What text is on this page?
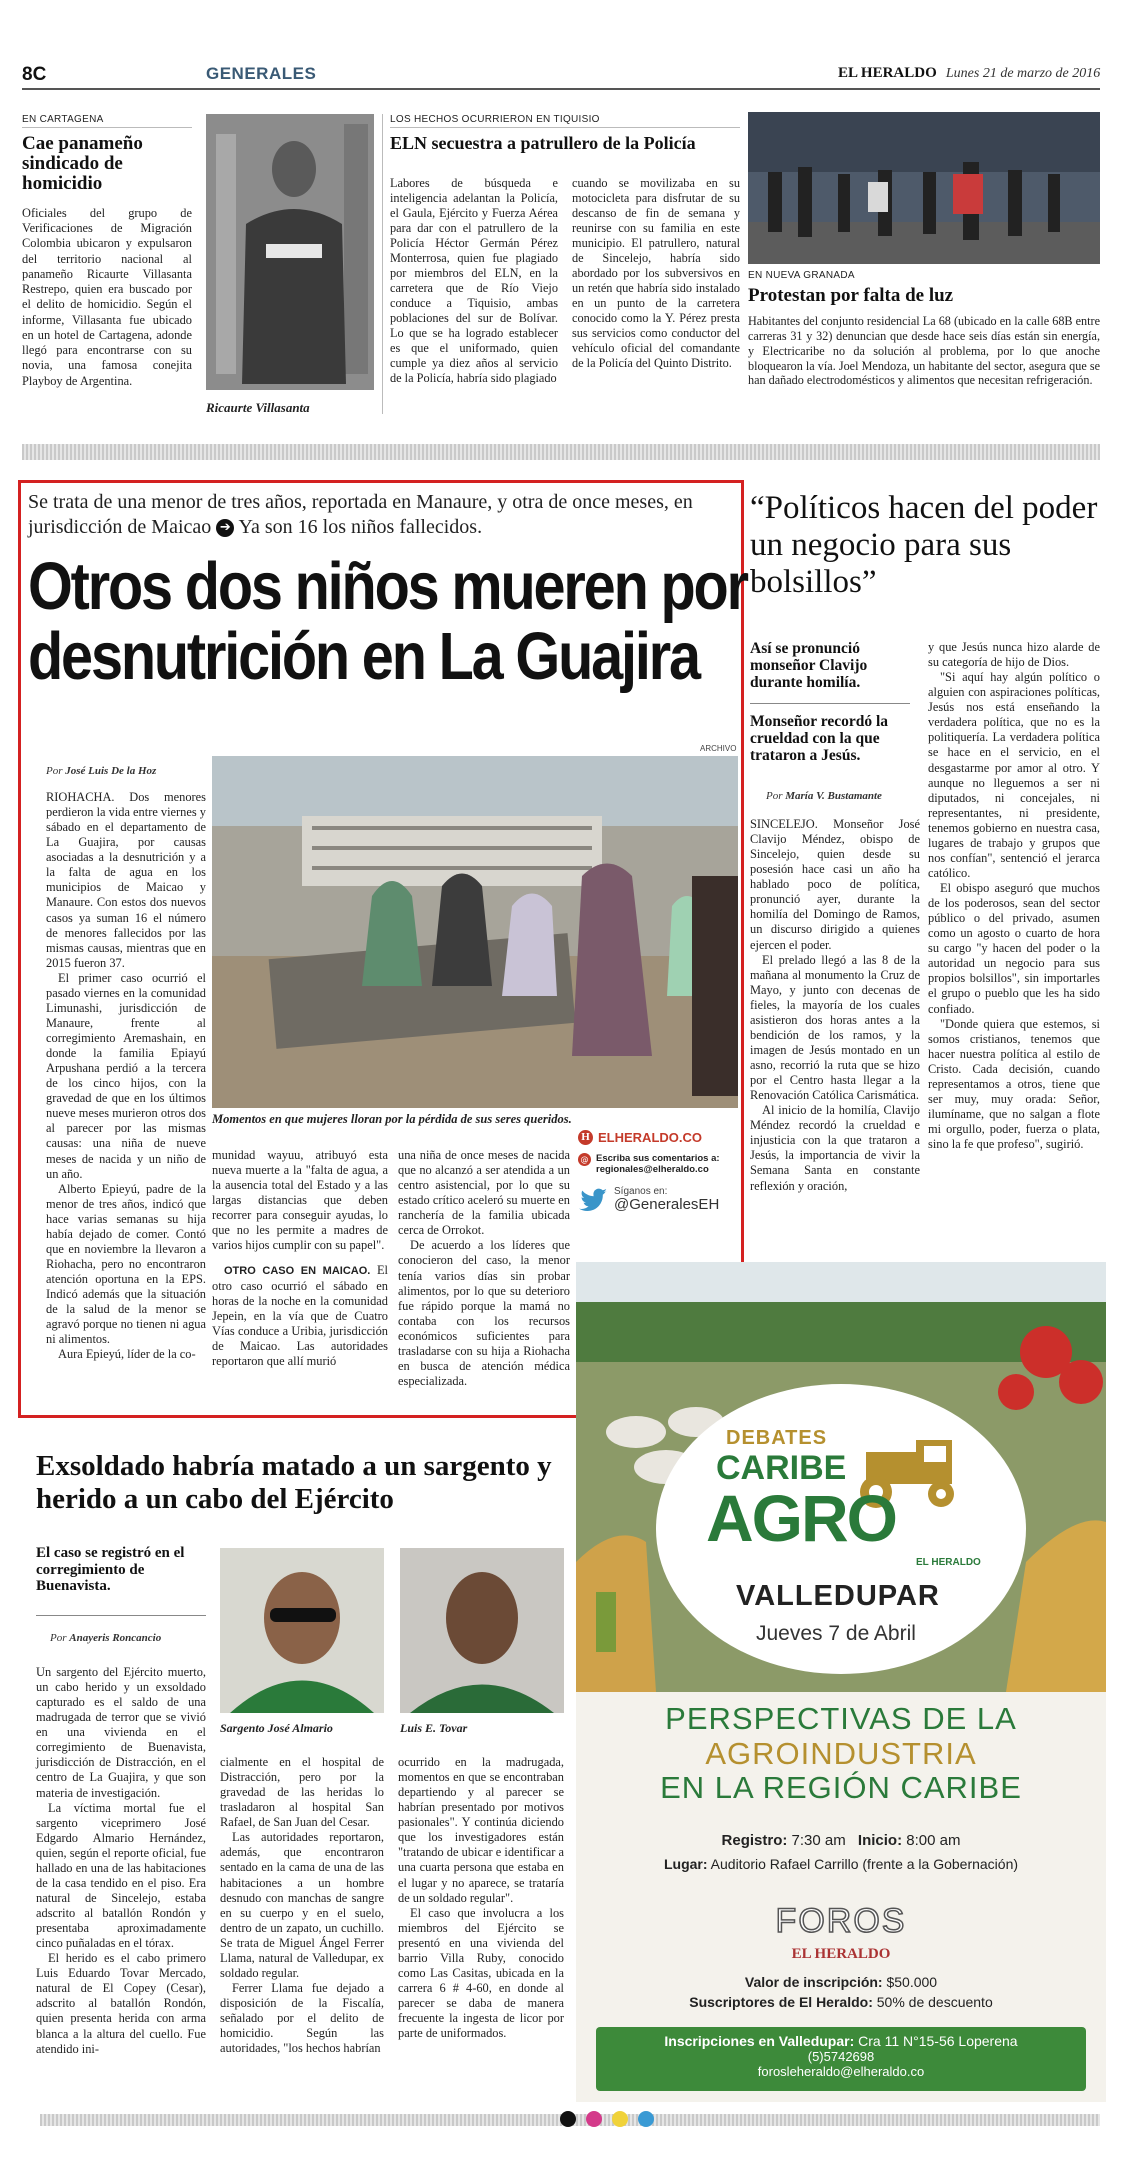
8C	GENERALES	EL HERALDO Lunes 21 de marzo de 2016
EN CARTAGENA
Cae panameño sindicado de homicidio
Oficiales del grupo de Verificaciones de Migración Colombia ubicaron y expulsaron del territorio nacional al panameño Ricaurte Villasanta Restrepo, quien era buscado por el delito de homicidio. Según el informe, Villasanta fue ubicado en un hotel de Cartagena, adonde llegó para encontrarse con su novia, una famosa conejita Playboy de Argentina.
Ricaurte Villasanta
LOS HECHOS OCURRIERON EN TIQUISIO
ELN secuestra a patrullero de la Policía
Labores de búsqueda e inteligencia adelantan la Policía, el Gaula, Ejército y Fuerza Aérea para dar con el patrullero de la Policía Héctor Germán Pérez Monterrosa, quien fue plagiado por miembros del ELN, en la carretera que de Río Viejo conduce a Tiquisio, ambas poblaciones del sur de Bolívar. Lo que se ha logrado establecer es que el uniformado, quien cumple ya diez años al servicio de la Policía, habría sido plagiado
cuando se movilizaba en su motocicleta para disfrutar de su descanso de fin de semana y reunirse con su familia en este municipio. El patrullero, natural de Sincelejo, habría sido abordado por los subversivos en un retén que habría sido instalado en un punto de la carretera conocido como la Y. Pérez presta sus servicios como conductor del vehículo oficial del comandante de la Policía del Quinto Distrito.
EN NUEVA GRANADA
Protestan por falta de luz
Habitantes del conjunto residencial La 68 (ubicado en la calle 68B entre carreras 31 y 32) denuncian que desde hace seis días están sin energía, y Electricaribe no da solución al problema, por lo que anoche bloquearon la vía. Joel Mendoza, un habitante del sector, asegura que se han dañado electrodomésticos y alimentos que necesitan refrigeración.
Se trata de una menor de tres años, reportada en Manaure, y otra de once meses, en jurisdicción de Maicao ➔ Ya son 16 los niños fallecidos.
Otros dos niños mueren por
desnutrición en La Guajira
ARCHIVO
Por José Luis De la Hoz
Momentos en que mujeres lloran por la pérdida de sus seres queridos.

RIOHACHA. Dos menores perdieron la vida entre viernes y sábado en el departamento de La Guajira, por causas asociadas a la desnutrición y a la falta de agua en los municipios de Maicao y Manaure. Con estos dos nuevos casos ya suman 16 el número de menores fallecidos por las mismas causas, mientras que en 2015 fueron 37.

El primer caso ocurrió el pasado viernes en la comunidad Limunashi, jurisdicción de Manaure, frente al corregimiento Aremashain, en donde la familia Epiayú Arpushana perdió a la tercera de los cinco hijos, con la gravedad de que en los últimos nueve meses murieron otros dos al parecer por las mismas causas: una niña de nueve meses de nacida y un niño de un año.

Alberto Epieyú, padre de la menor de tres años, indicó que hace varias semanas su hija había dejado de comer. Contó que en noviembre la llevaron a Riohacha, pero no encontraron atención oportuna en la EPS. Indicó además que la situación de la salud de la menor se agravó porque no tienen ni agua ni alimentos.

Aura Epieyú, líder de la co-

munidad wayuu, atribuyó esta nueva muerte a la "falta de agua, a la ausencia total del Estado y a las largas distancias que deben recorrer para conseguir ayudas, lo que no les permite a madres de varios hijos cumplir con su papel".

OTRO CASO EN MAICAO. El otro caso ocurrió el sábado en horas de la noche en la comunidad Jepein, en la vía que de Cuatro Vías conduce a Uribia, jurisdicción de Maicao. Las autoridades reportaron que allí murió

una niña de once meses de nacida que no alcanzó a ser atendida a un centro asistencial, por lo que su estado crítico aceleró su muerte en ranchería de la familia ubicada cerca de Orrokot.

De acuerdo a los líderes que conocieron del caso, la menor tenía varios días sin probar alimentos, por lo que su deterioro fue rápido porque la mamá no contaba con los recursos económicos suficientes para trasladarse con su hija a Riohacha en busca de atención médica especializada.

H ELHERALDO.CO
@ Escriba sus comentarios a:
regionales@elheraldo.co
Síganos en:
@GeneralesEH
“Políticos hacen del poder un negocio para sus bolsillos”
Así se pronunció monseñor Clavijo durante homilía.
Monseñor recordó la crueldad con la que trataron a Jesús.
Por María V. Bustamante

SINCELEJO. Monseñor José Clavijo Méndez, obispo de Sincelejo, quien desde su posesión hace casi un año ha hablado poco de política, pronunció ayer, durante la homilía del Domingo de Ramos, un discurso dirigido a quienes ejercen el poder.

El prelado llegó a las 8 de la mañana al monumento la Cruz de Mayo, y junto con decenas de fieles, la mayoría de los cuales asistieron dos horas antes a la bendición de los ramos, y la imagen de Jesús montado en un asno, recorrió la ruta que se hizo por el Centro hasta llegar a la Renovación Católica Carismática.

Al inicio de la homilía, Clavijo Méndez recordó la crueldad e injusticia con la que trataron a Jesús, la importancia de vivir la Semana Santa en constante reflexión y oración,

y que Jesús nunca hizo alarde de su categoría de hijo de Dios.

"Si aquí hay algún político o alguien con aspiraciones políticas, Jesús nos está enseñando la verdadera política, que no es la politiquería. La verdadera política se hace en el servicio, en el desgastarme por amor al otro. Y aunque no lleguemos a ser ni diputados, ni concejales, ni representantes, ni presidente, tenemos gobierno en nuestra casa, lugares de trabajo y grupos que nos confían", sentenció el jerarca católico.

El obispo aseguró que muchos de los poderosos, sean del sector público o del privado, asumen como un agosto o cuarto de hora su cargo "y hacen del poder o la autoridad un negocio para sus propios bolsillos", sin importarles el grupo o pueblo que les ha sido confiado.

"Donde quiera que estemos, si somos cristianos, tenemos que hacer nuestra política al estilo de Cristo. Cada decisión, cuando representamos a otros, tiene que ser muy, muy orada: Señor, ilumíname, que no salgan a flote mi orgullo, poder, fuerza o plata, sino la fe que profeso", sugirió.

Exsoldado habría matado a un sargento y herido a un cabo del Ejército
El caso se registró en el corregimiento de Buenavista.
Por Anayeris Roncancio
Sargento José Almario	Luis E. Tovar

Un sargento del Ejército muerto, un cabo herido y un exsoldado capturado es el saldo de una madrugada de terror que se vivió en una vivienda en el corregimiento de Buenavista, jurisdicción de Distracción, en el centro de La Guajira, y que son materia de investigación.

La víctima mortal fue el sargento viceprimero José Edgardo Almario Hernández, quien, según el reporte oficial, fue hallado en una de las habitaciones de la casa tendido en el piso. Era natural de Sincelejo, estaba adscrito al batallón Rondón y presentaba aproximadamente cinco puñaladas en el tórax.

El herido es el cabo primero Luis Eduardo Tovar Mercado, natural de El Copey (Cesar), adscrito al batallón Rondón, quien presenta herida con arma blanca a la altura del cuello. Fue atendido ini-

cialmente en el hospital de Distracción, pero por la gravedad de las heridas lo trasladaron al hospital San Rafael, de San Juan del Cesar.

Las autoridades reportaron, además, que encontraron sentado en la cama de una de las habitaciones a un hombre desnudo con manchas de sangre en su cuerpo y en el suelo, dentro de un zapato, un cuchillo. Se trata de Miguel Ángel Ferrer Llama, natural de Valledupar, ex soldado regular.

Ferrer Llama fue dejado a disposición de la Fiscalía, señalado por el delito de homicidio. Según las autoridades, "los hechos habrían

ocurrido en la madrugada, momentos en que se encontraban departiendo y al parecer se habrían presentado por motivos pasionales". Y continúa diciendo que los investigadores están "tratando de ubicar e identificar a una cuarta persona que estaba en el lugar y no aparece, se trataría de un soldado regular".

El caso que involucra a los miembros del Ejército se presentó en una vivienda del barrio Villa Ruby, conocido como Las Casitas, ubicada en la carrera 6 # 4-60, en donde al parecer se daba de manera frecuente la ingesta de licor por parte de uniformados.

DEBATES
CARIBE
AGRO
EL HERALDO
VALLEDUPAR
Jueves 7 de Abril
PERSPECTIVAS DE LA
AGROINDUSTRIA
EN LA REGIÓN CARIBE
Registro: 7:30 am Inicio: 8:00 am
Lugar: Auditorio Rafael Carrillo (frente a la Gobernación)
FOROS
EL HERALDO
Valor de inscripción: $50.000
Suscriptores de El Heraldo: 50% de descuento
Inscripciones en Valledupar: Cra 11 N°15-56 Loperena
(5)5742698
forosleheraldo@elheraldo.co
